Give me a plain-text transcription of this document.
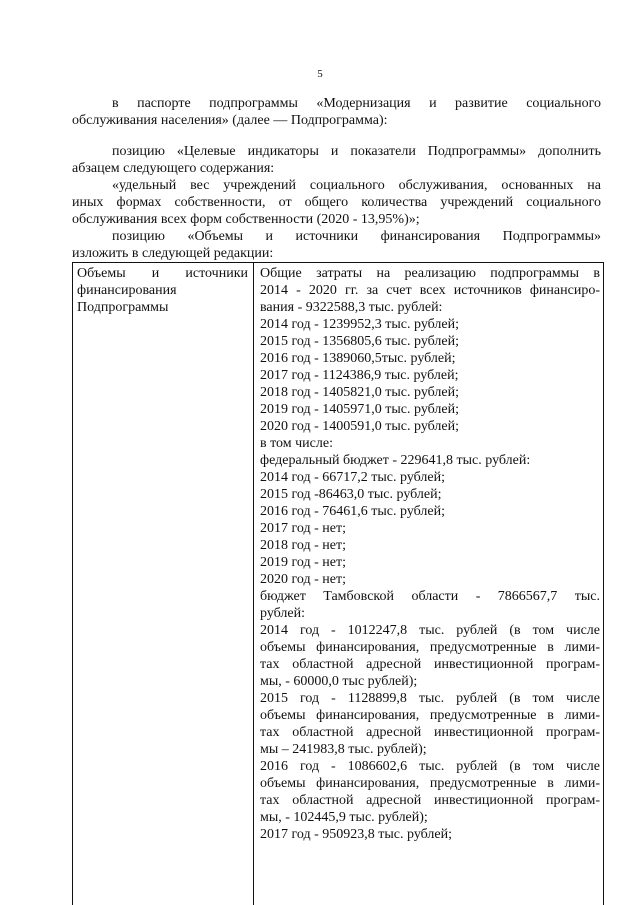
5
в паспорте подпрограммы «Модернизация и развитие социального
обслуживания населения» (далее — Подпрограмма):
позицию «Целевые индикаторы и показатели Подпрограммы» дополнить
абзацем следующего содержания:
«удельный вес учреждений социального обслуживания, основанных на
иных формах собственности, от общего количества учреждений социального
обслуживания всех форм собственности (2020 - 13,95%)»;
позицию «Объемы и источники финансирования Подпрограммы»
изложить в следующей редакции:
Объемы и источники
финансирования
Подпрограммы
Общие затраты на реализацию подпрограммы в
2014 - 2020 гг. за счет всех источников финансиро-
вания - 9322588,3 тыс. рублей:
2014 год - 1239952,3 тыс. рублей;
2015 год - 1356805,6 тыс. рублей;
2016 год - 1389060,5тыс. рублей;
2017 год - 1124386,9 тыс. рублей;
2018 год - 1405821,0 тыс. рублей;
2019 год - 1405971,0 тыс. рублей;
2020 год - 1400591,0 тыс. рублей;
в том числе:
федеральный бюджет - 229641,8 тыс. рублей:
2014 год - 66717,2 тыс. рублей;
2015 год -86463,0 тыс. рублей;
2016 год - 76461,6 тыс. рублей;
2017 год - нет;
2018 год - нет;
2019 год - нет;
2020 год - нет;
бюджет Тамбовской области - 7866567,7 тыс.
рублей:
2014 год - 1012247,8 тыс. рублей (в том числе
объемы финансирования, предусмотренные в лими-
тах областной адресной инвестиционной програм-
мы, - 60000,0 тыс рублей);
2015 год - 1128899,8 тыс. рублей (в том числе
объемы финансирования, предусмотренные в лими-
тах областной адресной инвестиционной програм-
мы – 241983,8 тыс. рублей);
2016 год - 1086602,6 тыс. рублей (в том числе
объемы финансирования, предусмотренные в лими-
тах областной адресной инвестиционной програм-
мы, - 102445,9 тыс. рублей);
2017 год - 950923,8 тыс. рублей;
